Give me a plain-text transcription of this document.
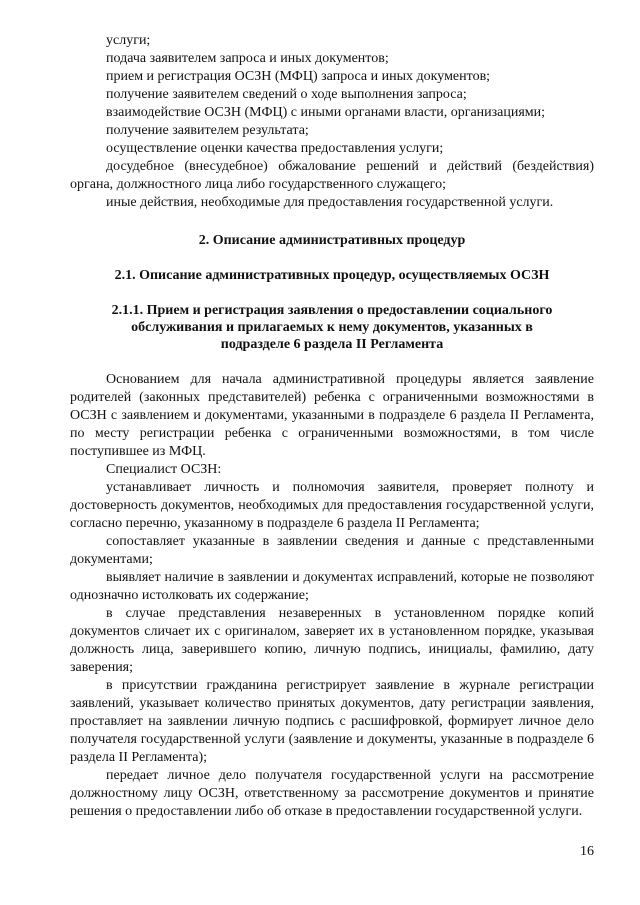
услуги;

подача заявителем запроса и иных документов;

прием и регистрация ОСЗН (МФЦ) запроса и иных документов;

получение заявителем сведений о ходе выполнения запроса;

взаимодействие ОСЗН (МФЦ) с иными органами власти, организациями;

получение заявителем результата;

осуществление оценки качества предоставления услуги;

досудебное (внесудебное) обжалование решений и действий (бездействия) органа, должностного лица либо государственного служащего;

иные действия, необходимые для предоставления государственной услуги.

2. Описание административных процедур
2.1. Описание административных процедур, осуществляемых ОСЗН
2.1.1. Прием и регистрация заявления о предоставлении социального обслуживания и прилагаемых к нему документов, указанных в подразделе 6 раздела II Регламента

Основанием для начала административной процедуры является заявление родителей (законных представителей) ребенка с ограниченными возможностями в ОСЗН с заявлением и документами, указанными в подразделе 6 раздела II Регламента, по месту регистрации ребенка с ограниченными возможностями, в том числе поступившее из МФЦ.

Специалист ОСЗН:

устанавливает личность и полномочия заявителя, проверяет полноту и достоверность документов, необходимых для предоставления государственной услуги, согласно перечню, указанному в подразделе 6 раздела II Регламента;

сопоставляет указанные в заявлении сведения и данные с представленными документами;

выявляет наличие в заявлении и документах исправлений, которые не позволяют однозначно истолковать их содержание;

в случае представления незаверенных в установленном порядке копий документов сличает их с оригиналом, заверяет их в установленном порядке, указывая должность лица, заверившего копию, личную подпись, инициалы, фамилию, дату заверения;

в присутствии гражданина регистрирует заявление в журнале регистрации заявлений, указывает количество принятых документов, дату регистрации заявления, проставляет на заявлении личную подпись с расшифровкой, формирует личное дело получателя государственной услуги (заявление и документы, указанные в подразделе 6 раздела II Регламента);

передает личное дело получателя государственной услуги на рассмотрение должностному лицу ОСЗН, ответственному за рассмотрение документов и принятие решения о предоставлении либо об отказе в предоставлении государственной услуги.

16
